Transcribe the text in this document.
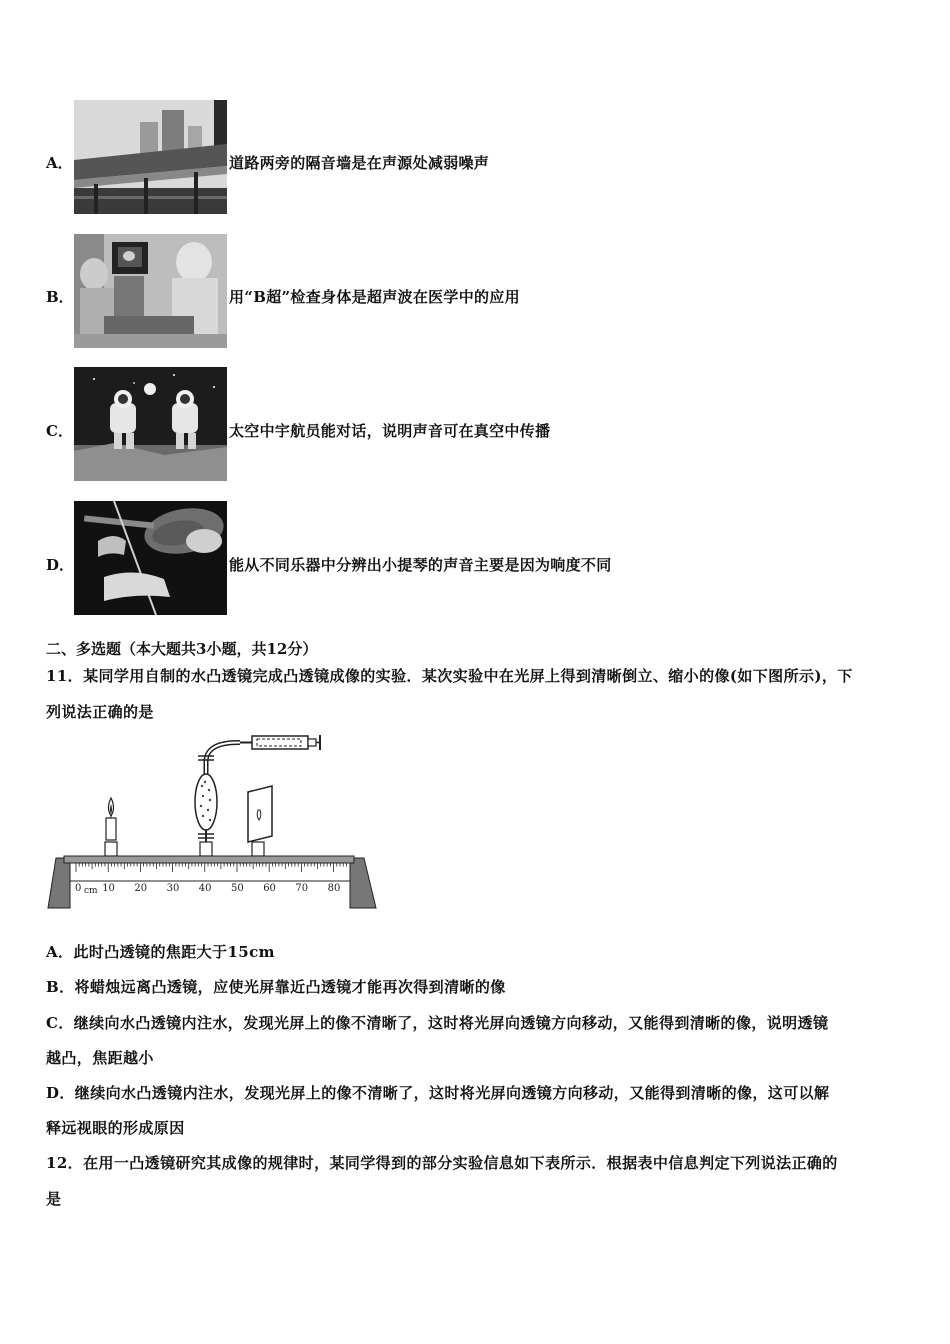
A．	道路两旁的隔音墙是在声源处减弱噪声
B．	用“B超”检查身体是超声波在医学中的应用
C．	太空中宇航员能对话，说明声音可在真空中传播
D．	能从不同乐器中分辨出小提琴的声音主要是因为响度不同
二、多选题（本大题共3小题，共12分）
11．某同学用自制的水凸透镜完成凸透镜成像的实验．某次实验中在光屏上得到清晰倒立、缩小的像(如下图所示)，下
列说法正确的是
0 10 20 30 40 50 60 70 80
cm
A．此时凸透镜的焦距大于15cm
B．将蜡烛远离凸透镜，应使光屏靠近凸透镜才能再次得到清晰的像
C．继续向水凸透镜内注水，发现光屏上的像不清晰了，这时将光屏向透镜方向移动，又能得到清晰的像，说明透镜
越凸，焦距越小
D．继续向水凸透镜内注水，发现光屏上的像不清晰了，这时将光屏向透镜方向移动，又能得到清晰的像，这可以解
释远视眼的形成原因
12．在用一凸透镜研究其成像的规律时，某同学得到的部分实验信息如下表所示．根据表中信息判定下列说法正确的
是
